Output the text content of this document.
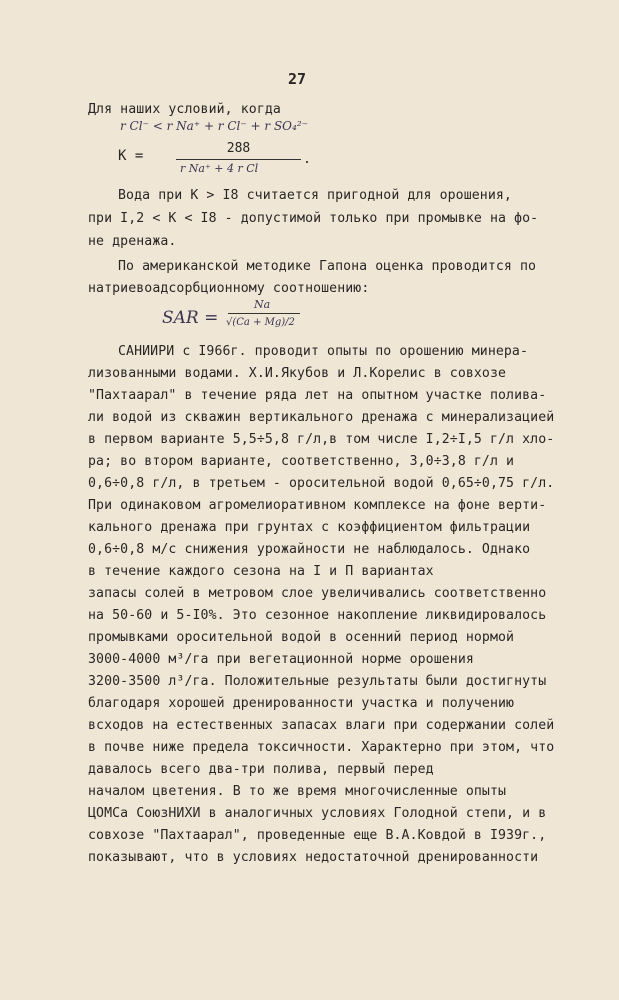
27
Для наших условий, когда
r Cl⁻ < r Na⁺ + r Cl⁻ + r SO₄²⁻
K =	288
r Na⁺ + 4 r Cl
.
Вода при К > I8 считается пригодной для орошения,
при I,2 < К < I8 - допустимой только при промывке на фо-
не дренажа.
По американской методике Гапона оценка проводится по
натриевоадсорбционному соотношению:
SAR =
Na
√(Ca + Mg)/2
САНИИРИ с I966г. проводит опыты по орошению минера-
лизованными водами. Х.И.Якубов и Л.Корелис в совхозе
"Пахтаарал" в течение ряда лет на опытном участке полива-
ли водой из скважин вертикального дренажа с минерализацией
в первом варианте 5,5÷5,8 г/л,в том числе I,2÷I,5 г/л хло-
ра; во втором варианте, соответственно, 3,0÷3,8 г/л и
0,6÷0,8 г/л, в третьем - оросительной водой 0,65÷0,75 г/л.
При одинаковом агромелиоративном комплексе на фоне верти-
кального дренажа при грунтах с коэффициентом фильтрации
0,6÷0,8 м/с снижения урожайности не наблюдалось. Однако
в течение каждого сезона на I и П вариантах
запасы солей в метровом слое увеличивались соответственно
на 50-60 и 5-I0%. Это сезонное накопление ликвидировалось
промывками оросительной водой в осенний период нормой
3000-4000 м³/га при вегетационной норме орошения
3200-3500 л³/га. Положительные результаты были достигнуты
благодаря хорошей дренированности участка и получению
всходов на естественных запасах влаги при содержании солей
в почве ниже предела токсичности. Характерно при этом, что
давалось всего два-три полива, первый перед
началом цветения. В то же время многочисленные опыты
ЦОМСа СоюзНИХИ в аналогичных условиях Голодной степи, и в
совхозе "Пахтаарал", проведенные еще В.А.Ковдой в I939г.,
показывают, что в условиях недостаточной дренированности
